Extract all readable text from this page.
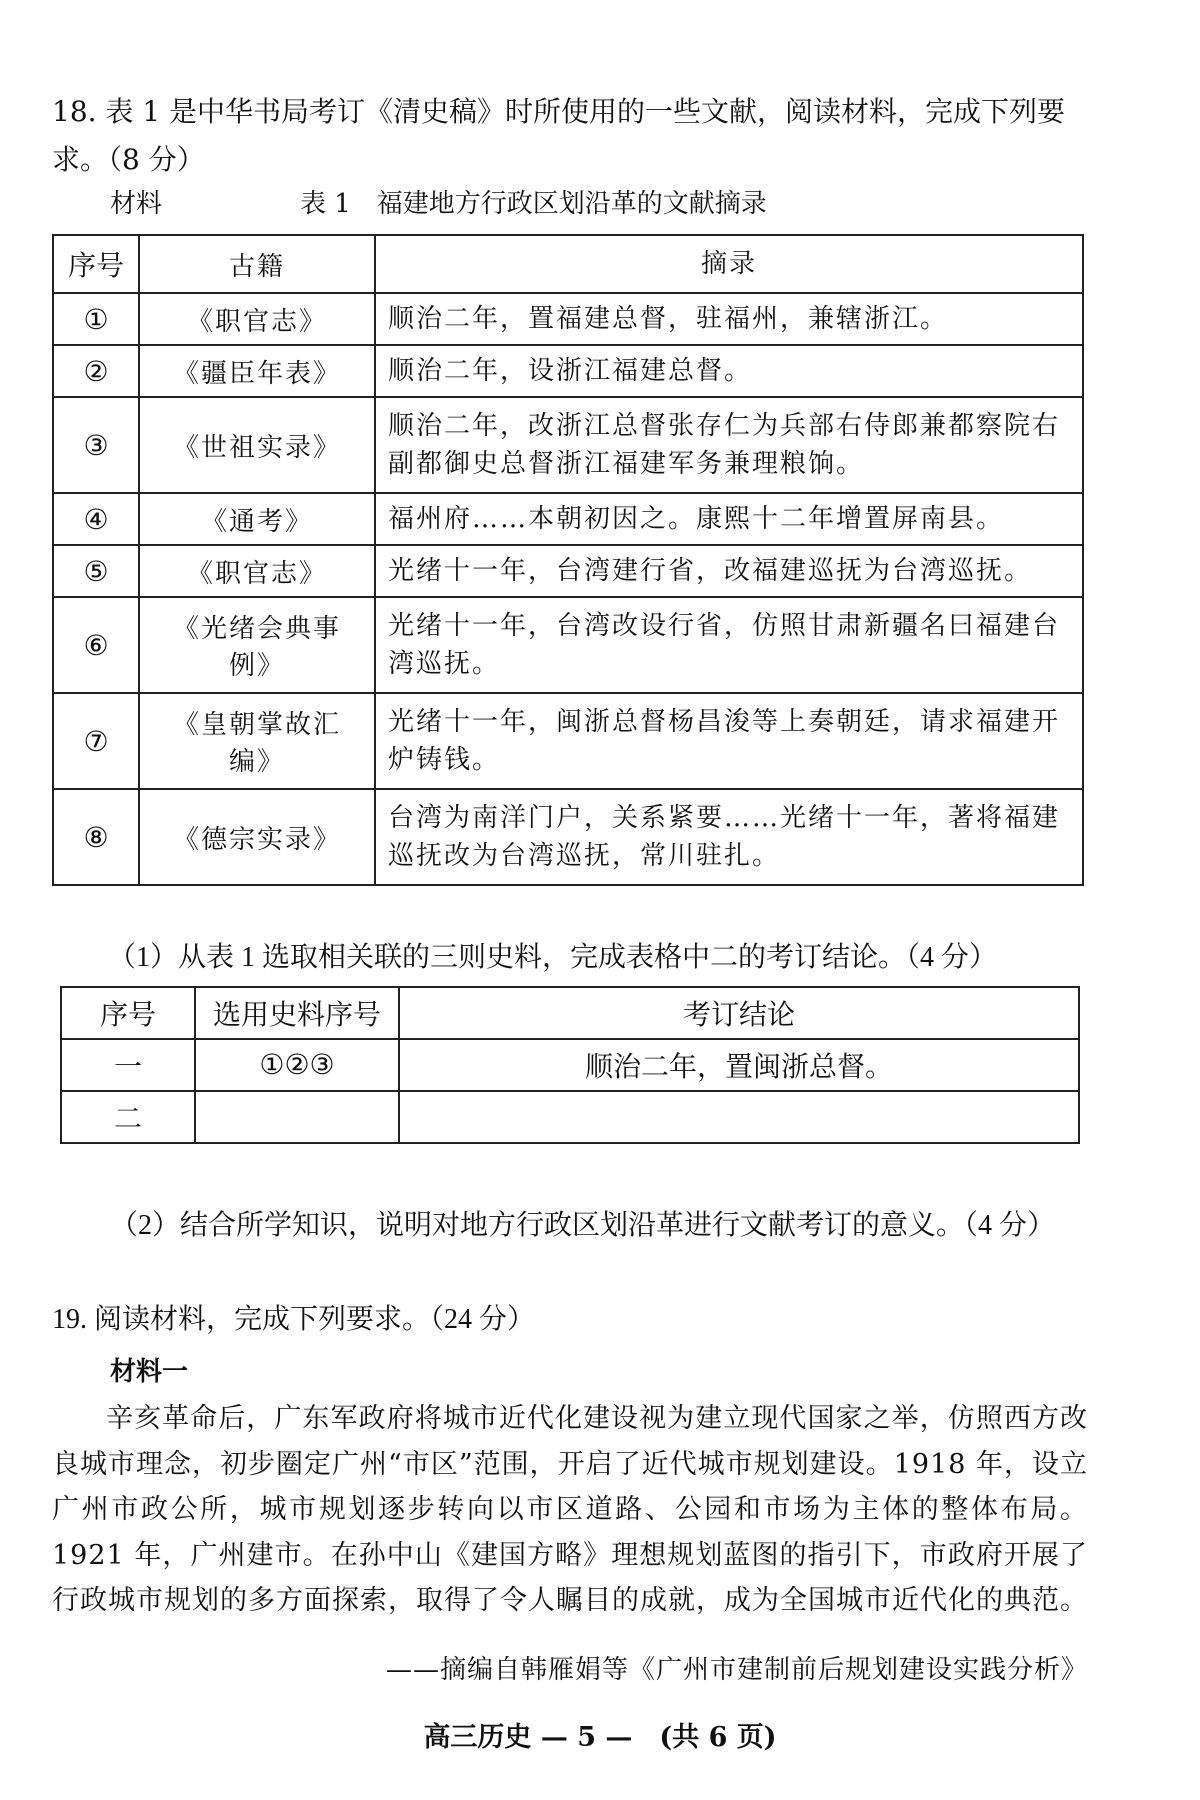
18. 表 1 是中华书局考订《清史稿》时所使用的一些文献，阅读材料，完成下列要求。（8 分）
材料	表 1　福建地方行政区划沿革的文献摘录
序号	古籍	摘录
①	《职官志》	顺治二年，置福建总督，驻福州，兼辖浙江。
②	《疆臣年表》	顺治二年，设浙江福建总督。
③	《世祖实录》	顺治二年，改浙江总督张存仁为兵部右侍郎兼都察院右副都御史总督浙江福建军务兼理粮饷。
④	《通考》	福州府……本朝初因之。康熙十二年增置屏南县。
⑤	《职官志》	光绪十一年，台湾建行省，改福建巡抚为台湾巡抚。
⑥	《光绪会典事例》	光绪十一年，台湾改设行省，仿照甘肃新疆名曰福建台湾巡抚。
⑦	《皇朝掌故汇编》	光绪十一年，闽浙总督杨昌浚等上奏朝廷，请求福建开炉铸钱。
⑧	《德宗实录》	台湾为南洋门户，关系紧要……光绪十一年，著将福建巡抚改为台湾巡抚，常川驻扎。
（1）从表 1 选取相关联的三则史料，完成表格中二的考订结论。（4 分）
序号	选用史料序号	考订结论
一	①②③	顺治二年，置闽浙总督。
二		
（2）结合所学知识，说明对地方行政区划沿革进行文献考订的意义。（4 分）
19. 阅读材料，完成下列要求。（24 分）
材料一
辛亥革命后，广东军政府将城市近代化建设视为建立现代国家之举，仿照西方改良城市理念，初步圈定广州“市区”范围，开启了近代城市规划建设。1918 年，设立广州市政公所，城市规划逐步转向以市区道路、公园和市场为主体的整体布局。1921 年，广州建市。在孙中山《建国方略》理想规划蓝图的指引下，市政府开展了行政城市规划的多方面探索，取得了令人瞩目的成就，成为全国城市近代化的典范。
——摘编自韩雁娟等《广州市建制前后规划建设实践分析》
高三历史 — 5 —　(共 6 页)
